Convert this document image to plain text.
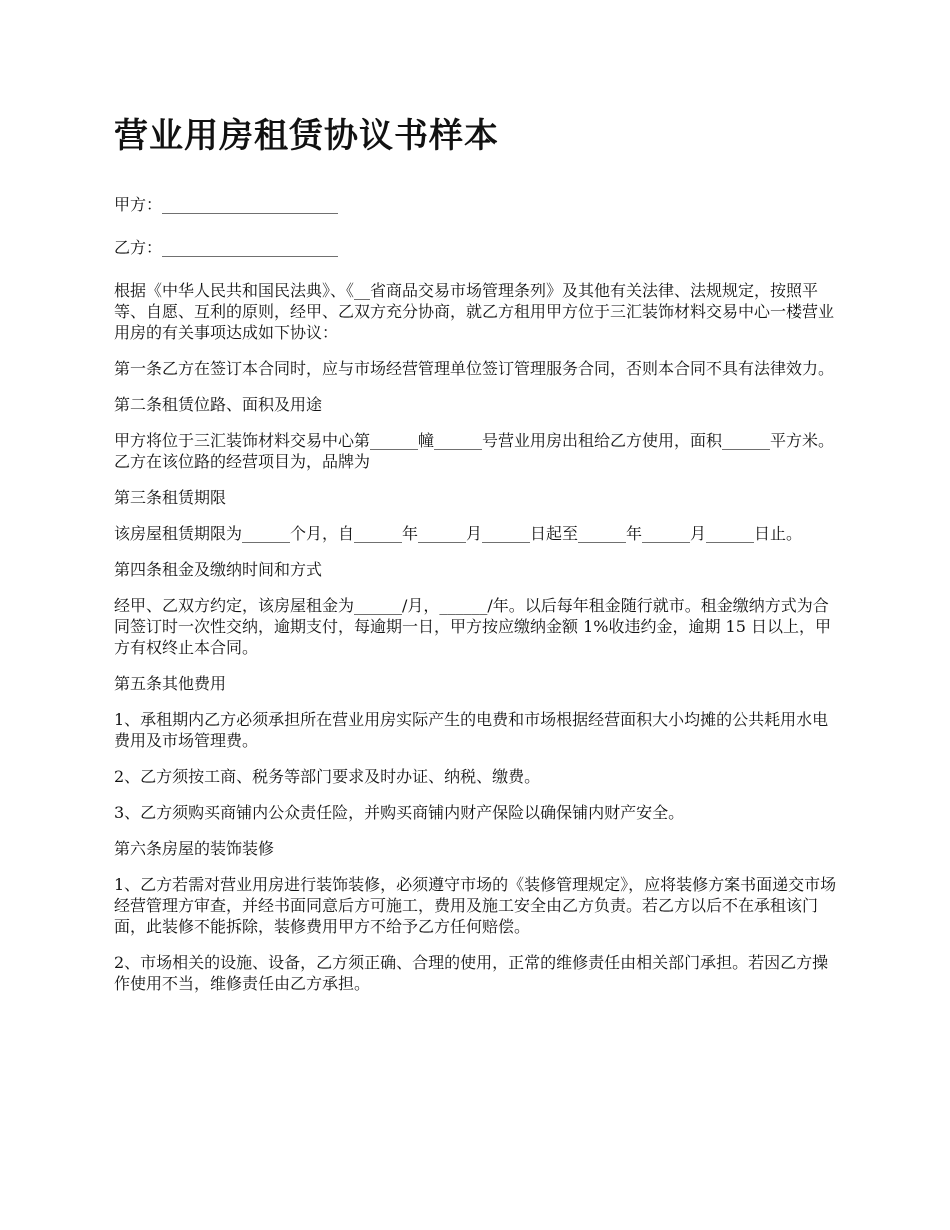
营业用房租赁协议书样本

甲方：______________________

乙方：______________________

根据《中华人民共和国民法典》、《__省商品交易市场管理条列》及其他有关法律、法规规定，按照平等、自愿、互利的原则，经甲、乙双方充分协商，就乙方租用甲方位于三汇装饰材料交易中心一楼营业用房的有关事项达成如下协议：

第一条乙方在签订本合同时，应与市场经营管理单位签订管理服务合同，否则本合同不具有法律效力。

第二条租赁位路、面积及用途

甲方将位于三汇装饰材料交易中心第______幢______号营业用房出租给乙方使用，面积______平方米。乙方在该位路的经营项目为，品牌为

第三条租赁期限

该房屋租赁期限为______个月，自______年______月______日起至______年______月______日止。

第四条租金及缴纳时间和方式

经甲、乙双方约定，该房屋租金为______/月，______/年。以后每年租金随行就市。租金缴纳方式为合同签订时一次性交纳，逾期支付，每逾期一日，甲方按应缴纳金额 1%收违约金，逾期 15 日以上，甲方有权终止本合同。

第五条其他费用

1、承租期内乙方必须承担所在营业用房实际产生的电费和市场根据经营面积大小均摊的公共耗用水电费用及市场管理费。

2、乙方须按工商、税务等部门要求及时办证、纳税、缴费。

3、乙方须购买商铺内公众责任险，并购买商铺内财产保险以确保铺内财产安全。

第六条房屋的装饰装修

1、乙方若需对营业用房进行装饰装修，必须遵守市场的《装修管理规定》，应将装修方案书面递交市场经营管理方审查，并经书面同意后方可施工，费用及施工安全由乙方负责。若乙方以后不在承租该门面，此装修不能拆除，装修费用甲方不给予乙方任何赔偿。

2、市场相关的设施、设备，乙方须正确、合理的使用，正常的维修责任由相关部门承担。若因乙方操作使用不当，维修责任由乙方承担。
